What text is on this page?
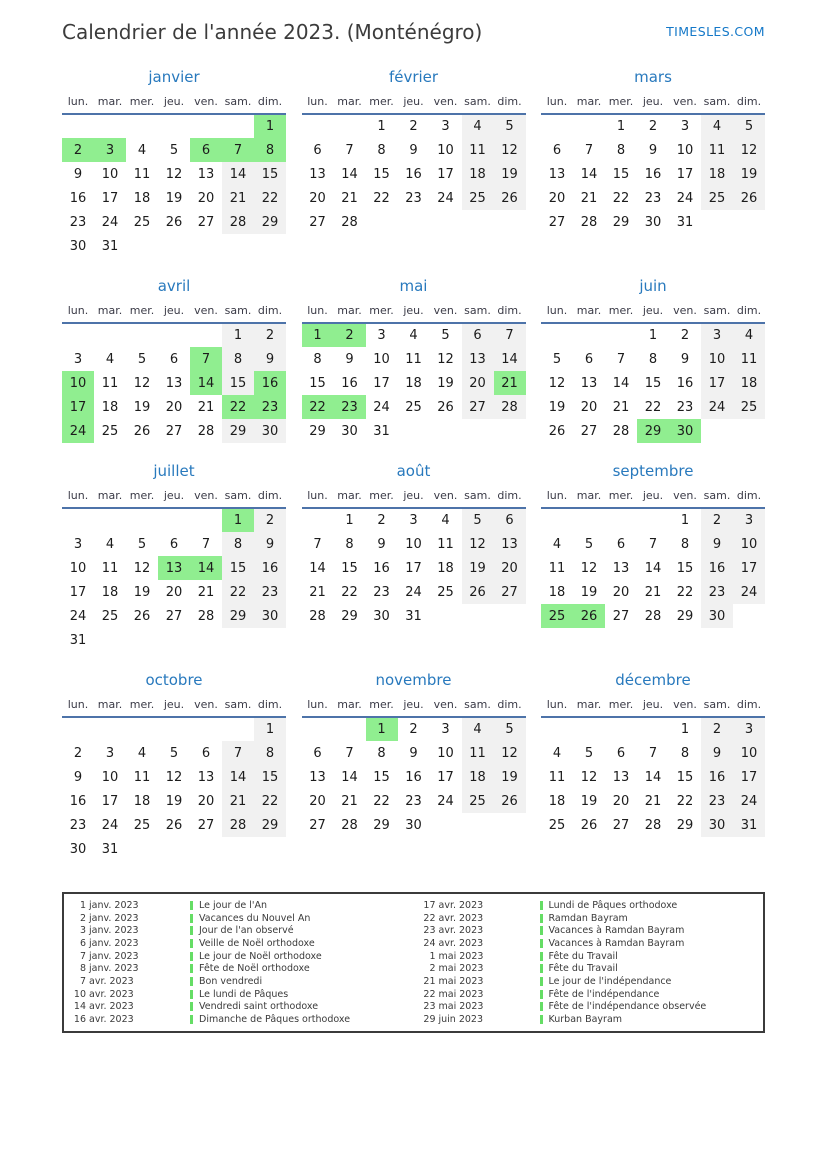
Calendrier de l'année 2023. (Monténégro)	TIMESLES.COM
janvier
lun.	mar.	mer.	jeu.	ven.	sam.	dim.
						1
2	3	4	5	6	7	8
9	10	11	12	13	14	15
16	17	18	19	20	21	22
23	24	25	26	27	28	29
30	31					
février
lun.	mar.	mer.	jeu.	ven.	sam.	dim.
		1	2	3	4	5
6	7	8	9	10	11	12
13	14	15	16	17	18	19
20	21	22	23	24	25	26
27	28					
mars
lun.	mar.	mer.	jeu.	ven.	sam.	dim.
		1	2	3	4	5
6	7	8	9	10	11	12
13	14	15	16	17	18	19
20	21	22	23	24	25	26
27	28	29	30	31		
avril
lun.	mar.	mer.	jeu.	ven.	sam.	dim.
					1	2
3	4	5	6	7	8	9
10	11	12	13	14	15	16
17	18	19	20	21	22	23
24	25	26	27	28	29	30
mai
lun.	mar.	mer.	jeu.	ven.	sam.	dim.
1	2	3	4	5	6	7
8	9	10	11	12	13	14
15	16	17	18	19	20	21
22	23	24	25	26	27	28
29	30	31				
juin
lun.	mar.	mer.	jeu.	ven.	sam.	dim.
			1	2	3	4
5	6	7	8	9	10	11
12	13	14	15	16	17	18
19	20	21	22	23	24	25
26	27	28	29	30		
juillet
lun.	mar.	mer.	jeu.	ven.	sam.	dim.
					1	2
3	4	5	6	7	8	9
10	11	12	13	14	15	16
17	18	19	20	21	22	23
24	25	26	27	28	29	30
31						
août
lun.	mar.	mer.	jeu.	ven.	sam.	dim.
	1	2	3	4	5	6
7	8	9	10	11	12	13
14	15	16	17	18	19	20
21	22	23	24	25	26	27
28	29	30	31			
septembre
lun.	mar.	mer.	jeu.	ven.	sam.	dim.
				1	2	3
4	5	6	7	8	9	10
11	12	13	14	15	16	17
18	19	20	21	22	23	24
25	26	27	28	29	30	
octobre
lun.	mar.	mer.	jeu.	ven.	sam.	dim.
						1
2	3	4	5	6	7	8
9	10	11	12	13	14	15
16	17	18	19	20	21	22
23	24	25	26	27	28	29
30	31					
novembre
lun.	mar.	mer.	jeu.	ven.	sam.	dim.
		1	2	3	4	5
6	7	8	9	10	11	12
13	14	15	16	17	18	19
20	21	22	23	24	25	26
27	28	29	30			
décembre
lun.	mar.	mer.	jeu.	ven.	sam.	dim.
				1	2	3
4	5	6	7	8	9	10
11	12	13	14	15	16	17
18	19	20	21	22	23	24
25	26	27	28	29	30	31
1 janv. 2023	Le jour de l'An
2 janv. 2023	Vacances du Nouvel An
3 janv. 2023	Jour de l'an observé
6 janv. 2023	Veille de Noël orthodoxe
7 janv. 2023	Le jour de Noël orthodoxe
8 janv. 2023	Fête de Noël orthodoxe
7 avr. 2023	Bon vendredi
10 avr. 2023	Le lundi de Pâques
14 avr. 2023	Vendredi saint orthodoxe
16 avr. 2023	Dimanche de Pâques orthodoxe
17 avr. 2023	Lundi de Pâques orthodoxe
22 avr. 2023	Ramdan Bayram
23 avr. 2023	Vacances à Ramdan Bayram
24 avr. 2023	Vacances à Ramdan Bayram
1 mai 2023	Fête du Travail
2 mai 2023	Fête du Travail
21 mai 2023	Le jour de l'indépendance
22 mai 2023	Fête de l'indépendance
23 mai 2023	Fête de l'indépendance observée
29 juin 2023	Kurban Bayram
